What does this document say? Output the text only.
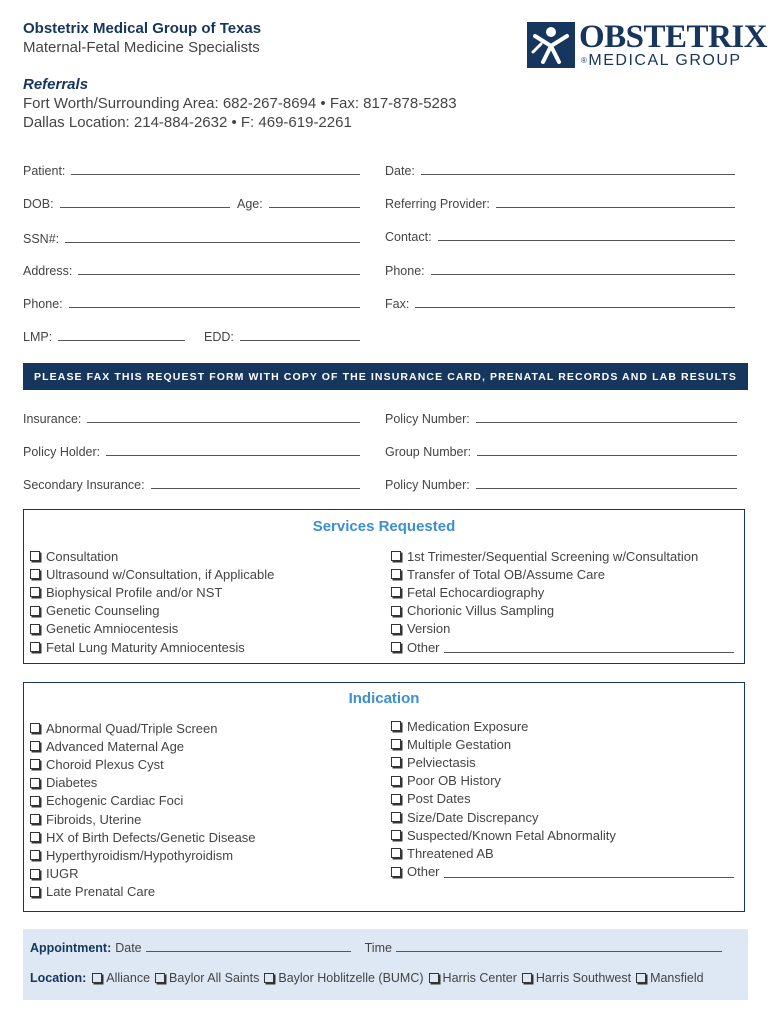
Obstetrix Medical Group of Texas
Maternal-Fetal Medicine Specialists
Referrals
Fort Worth/Surrounding Area: 682-267-8694 • Fax: 817-878-5283
Dallas Location: 214-884-2632 • F: 469-619-2261
OBSTETRIX
®MEDICAL GROUP
Patient:	Date:
DOB:	Age:	Referring Provider:
SSN#:	Contact:
Address:	Phone:
Phone:	Fax:
LMP:	EDD:
PLEASE FAX THIS REQUEST FORM WITH COPY OF THE INSURANCE CARD, PRENATAL RECORDS AND LAB RESULTS
Insurance:	Policy Number:
Policy Holder:	Group Number:
Secondary Insurance:	Policy Number:
Services Requested
Consultation
Ultrasound w/Consultation, if Applicable
Biophysical Profile and/or NST
Genetic Counseling
Genetic Amniocentesis
Fetal Lung Maturity Amniocentesis
1st Trimester/Sequential Screening w/Consultation
Transfer of Total OB/Assume Care
Fetal Echocardiography
Chorionic Villus Sampling
Version
Other
Indication
Abnormal Quad/Triple Screen
Advanced Maternal Age
Choroid Plexus Cyst
Diabetes
Echogenic Cardiac Foci
Fibroids, Uterine
HX of Birth Defects/Genetic Disease
Hyperthyroidism/Hypothyroidism
IUGR
Late Prenatal Care
Medication Exposure
Multiple Gestation
Pelviectasis
Poor OB History
Post Dates
Size/Date Discrepancy
Suspected/Known Fetal Abnormality
Threatened AB
Other
Appointment: Date	Time
Location: Alliance Baylor All Saints Baylor Hoblitzelle (BUMC) Harris Center Harris Southwest Mansfield
